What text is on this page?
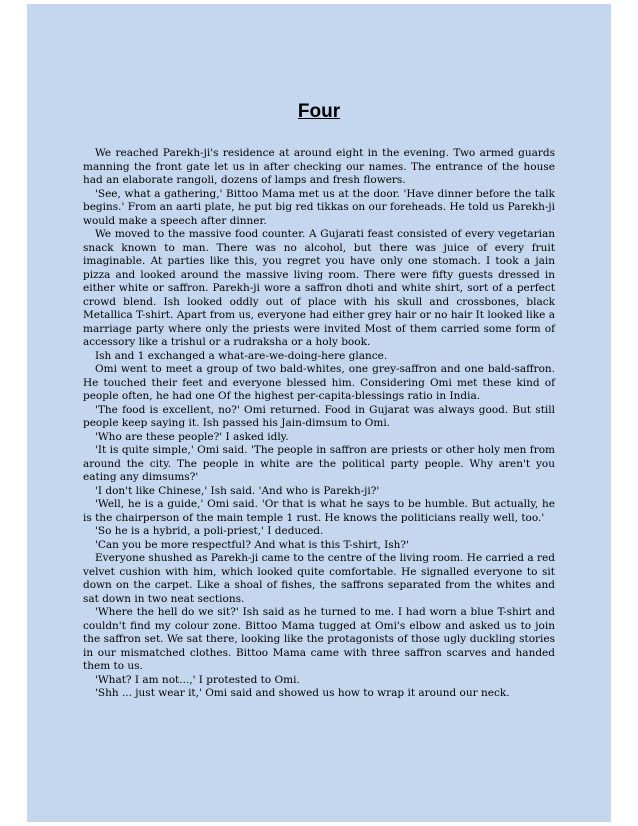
Four

We reached Parekh-ji's residence at around eight in the evening. Two armed guards manning the front gate let us in after checking our names. The entrance of the house had an elaborate rangoli, dozens of lamps and fresh flowers.

'See, what a gathering,' Bittoo Mama met us at the door. 'Have dinner before the talk begins.' From an aarti plate, he put big red tikkas on our foreheads. He told us Parekh-ji would make a speech after dinner.

We moved to the massive food counter. A Gujarati feast consisted of every vegetarian snack known to man. There was no alcohol, but there was juice of every fruit imaginable. At parties like this, you regret you have only one stomach. I took a jain pizza and looked around the massive living room. There were fifty guests dressed in either white or saffron. Parekh-ji wore a saffron dhoti and white shirt, sort of a perfect crowd blend. Ish looked oddly out of place with his skull and crossbones, black Metallica T-shirt. Apart from us, everyone had either grey hair or no hair It looked like a marriage party where only the priests were invited Most of them carried some form of accessory like a trishul or a rudraksha or a holy book.

Ish and 1 exchanged a what-are-we-doing-here glance.

Omi went to meet a group of two bald-whites, one grey-saffron and one bald-saffron. He touched their feet and everyone blessed him. Considering Omi met these kind of people often, he had one Of the highest per-capita-blessings ratio in India.

'The food is excellent, no?' Omi returned. Food in Gujarat was always good. But still people keep saying it. Ish passed his Jain-dimsum to Omi.

'Who are these people?' I asked idly.

'It is quite simple,' Omi said. 'The people in saffron are priests or other holy men from around the city. The people in white are the political party people. Why aren't you eating any dimsums?'

'I don't like Chinese,' Ish said. 'And who is Parekh-ji?'

'Well, he is a guide,' Omi said. 'Or that is what he says to be humble. But actually, he is the chairperson of the main temple 1 rust. He knows the politicians really well, too.'

'So he is a hybrid, a poli-priest,' I deduced.

'Can you be more respectful? And what is this T-shirt, Ish?'

Everyone shushed as Parekh-ji came to the centre of the living room. He carried a red velvet cushion with him, which looked quite comfortable. He signalled everyone to sit down on the carpet. Like a shoal of fishes, the saffrons separated from the whites and sat down in two neat sections.

'Where the hell do we sit?' Ish said as he turned to me. I had worn a blue T-shirt and couldn't find my colour zone. Bittoo Mama tugged at Omi's elbow and asked us to join the saffron set. We sat there, looking like the protagonists of those ugly duckling stories in our mismatched clothes. Bittoo Mama came with three saffron scarves and handed them to us.

'What? I am not...,' I protested to Omi.

'Shh ... just wear it,' Omi said and showed us how to wrap it around our neck.
